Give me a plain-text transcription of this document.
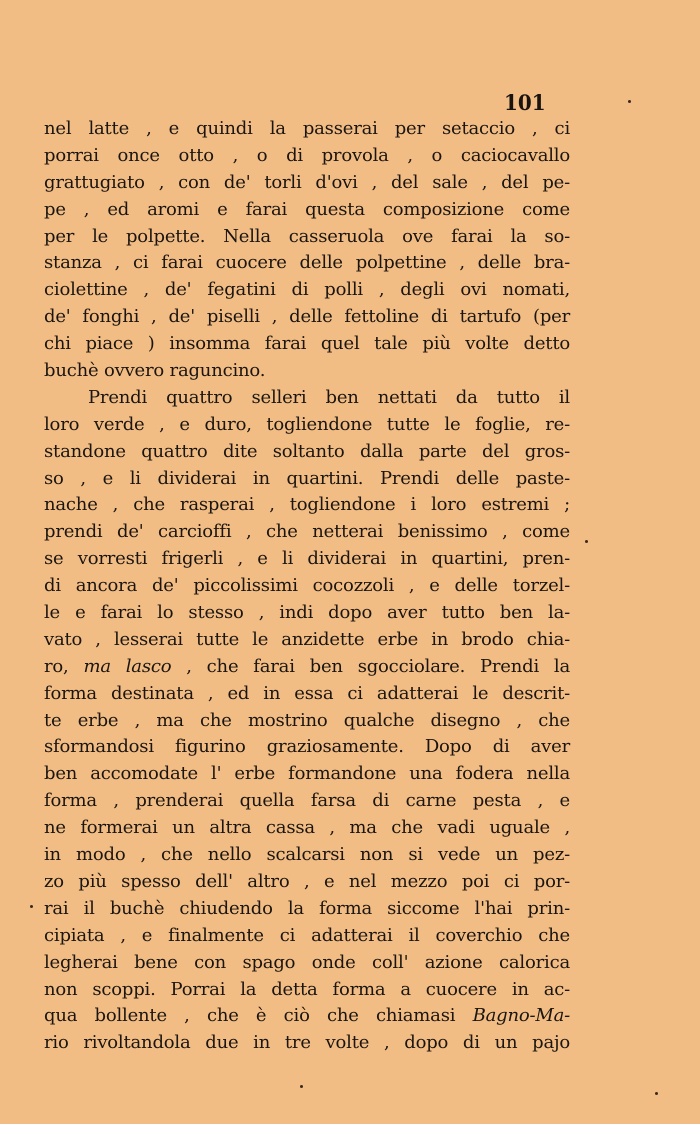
101
nel latte , e quindi la passerai per setaccio , ci
porrai once otto , o di provola , o caciocavallo
grattugiato , con de' torli d'ovi , del sale , del pe-
pe , ed aromi e farai questa composizione come
per le polpette. Nella casseruola ove farai la so-
stanza , ci farai cuocere delle polpettine , delle bra-
ciolettine , de' fegatini di polli , degli ovi nomati,
de' fonghi , de' piselli , delle fettoline di tartufo (per
chi piace ) insomma farai quel tale più volte detto
buchè ovvero raguncino.
Prendi quattro selleri ben nettati da tutto il
loro verde , e duro, togliendone tutte le foglie, re-
standone quattro dite soltanto dalla parte del gros-
so , e li dividerai in quartini. Prendi delle paste-
nache , che rasperai , togliendone i loro estremi ;
prendi de' carcioffi , che netterai benissimo , come
se vorresti frigerli , e li dividerai in quartini, pren-
di ancora de' piccolissimi cocozzoli , e delle torzel-
le e farai lo stesso , indi dopo aver tutto ben la-
vato , lesserai tutte le anzidette erbe in brodo chia-
ro, ma lasco , che farai ben sgocciolare. Prendi la
forma destinata , ed in essa ci adatterai le descrit-
te erbe , ma che mostrino qualche disegno , che
sformandosi figurino graziosamente. Dopo di aver
ben accomodate l' erbe formandone una fodera nella
forma , prenderai quella farsa di carne pesta , e
ne formerai un altra cassa , ma che vadi uguale ,
in modo , che nello scalcarsi non si vede un pez-
zo più spesso dell' altro , e nel mezzo poi ci por-
rai il buchè chiudendo la forma siccome l'hai prin-
cipiata , e finalmente ci adatterai il coverchio che
legherai bene con spago onde coll' azione calorica
non scoppi. Porrai la detta forma a cuocere in ac-
qua bollente , che è ciò che chiamasi Bagno-Ma-
rio rivoltandola due in tre volte , dopo di un pajo
